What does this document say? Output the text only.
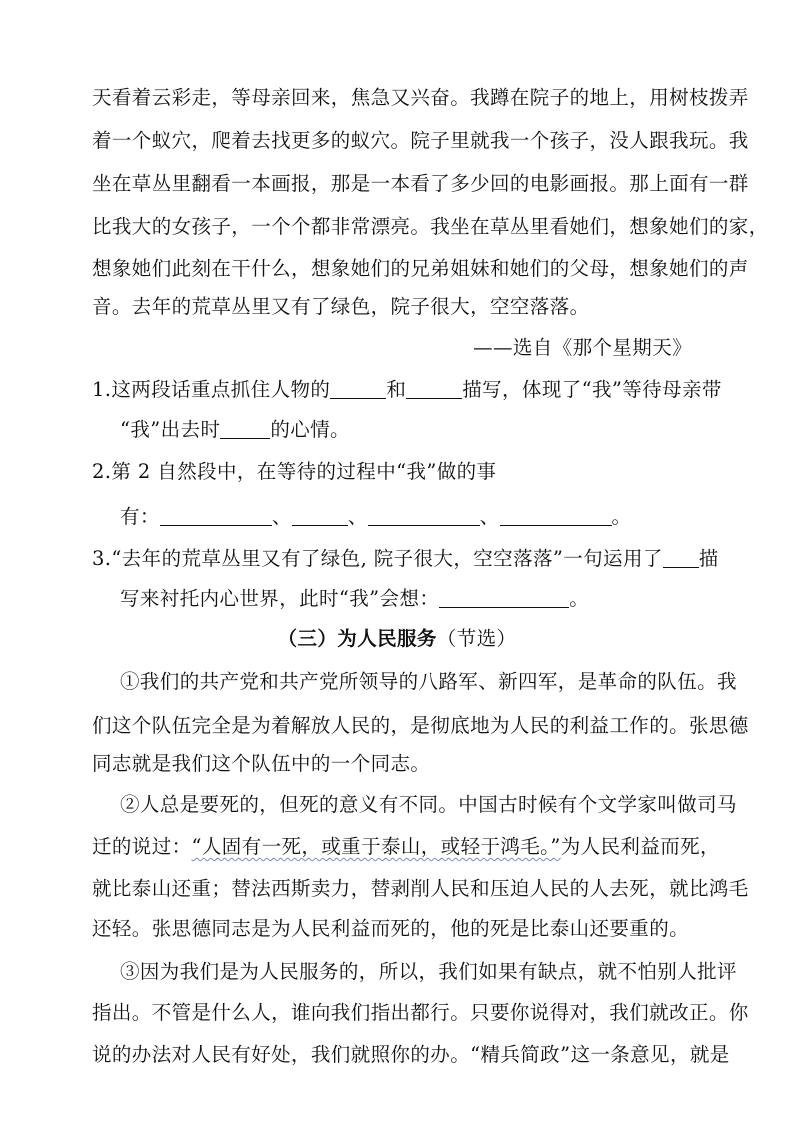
天看着云彩走，等母亲回来，焦急又兴奋。我蹲在院子的地上，用树枝拨弄
着一个蚁穴，爬着去找更多的蚁穴。院子里就我一个孩子，没人跟我玩。我
坐在草丛里翻看一本画报，那是一本看了多少回的电影画报。那上面有一群
比我大的女孩子，一个个都非常漂亮。我坐在草丛里看她们，想象她们的家，
想象她们此刻在干什么，想象她们的兄弟姐妹和她们的父母，想象她们的声
音。去年的荒草丛里又有了绿色，院子很大，空空落落。
——选自《那个星期天》
1.这两段话重点抓住人物的	和	描写，体现了“我”等待母亲带
“我”出去时	的心情。
2.第 2 自然段中，在等待的过程中“我”做的事
有：	、	、	、	。
3.“去年的荒草丛里又有了绿色, 院子很大，空空落落”一句运用了 描
写来衬托内心世界，此时“我”会想：	。
（三）为人民服务（节选）
①我们的共产党和共产党所领导的八路军、新四军，是革命的队伍。我
们这个队伍完全是为着解放人民的，是彻底地为人民的利益工作的。张思德
同志就是我们这个队伍中的一个同志。
②人总是要死的，但死的意义有不同。中国古时候有个文学家叫做司马
迁的说过：“人固有一死，或重于泰山，或轻于鸿毛。”为人民利益而死，
就比泰山还重；替法西斯卖力，替剥削人民和压迫人民的人去死，就比鸿毛
还轻。张思德同志是为人民利益而死的，他的死是比泰山还要重的。
③因为我们是为人民服务的，所以，我们如果有缺点，就不怕别人批评
指出。不管是什么人，谁向我们指出都行。只要你说得对，我们就改正。你
说的办法对人民有好处，我们就照你的办。“精兵简政”这一条意见，就是
